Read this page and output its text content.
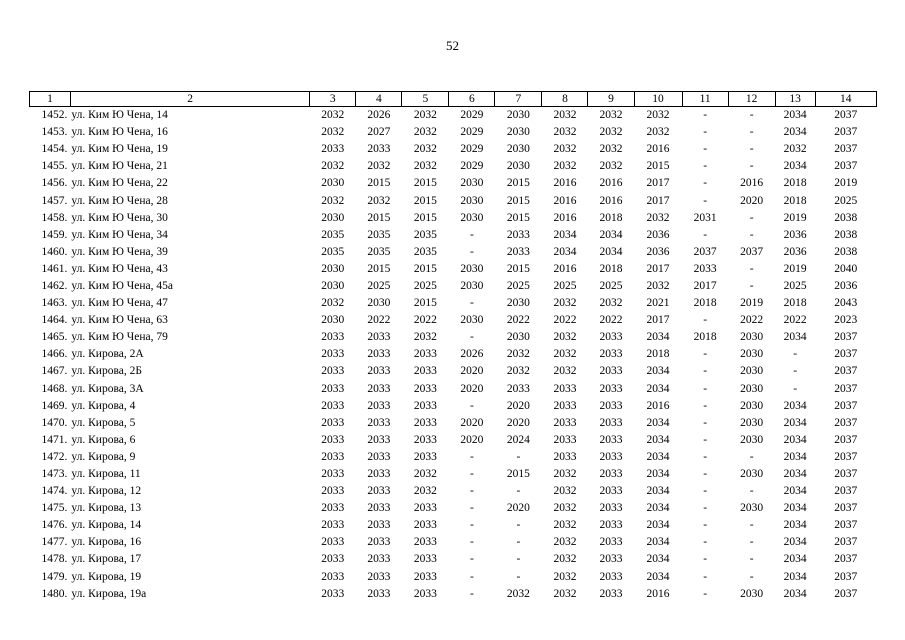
52
1	2	3	4	5	6	7	8	9	10	11	12	13	14
1452.	ул. Ким Ю Чена, 14	2032	2026	2032	2029	2030	2032	2032	2032	-	-	2034	2037
1453.	ул. Ким Ю Чена, 16	2032	2027	2032	2029	2030	2032	2032	2032	-	-	2034	2037
1454.	ул. Ким Ю Чена, 19	2033	2033	2032	2029	2030	2032	2032	2016	-	-	2032	2037
1455.	ул. Ким Ю Чена, 21	2032	2032	2032	2029	2030	2032	2032	2015	-	-	2034	2037
1456.	ул. Ким Ю Чена, 22	2030	2015	2015	2030	2015	2016	2016	2017	-	2016	2018	2019
1457.	ул. Ким Ю Чена, 28	2032	2032	2015	2030	2015	2016	2016	2017	-	2020	2018	2025
1458.	ул. Ким Ю Чена, 30	2030	2015	2015	2030	2015	2016	2018	2032	2031	-	2019	2038
1459.	ул. Ким Ю Чена, 34	2035	2035	2035	-	2033	2034	2034	2036	-	-	2036	2038
1460.	ул. Ким Ю Чена, 39	2035	2035	2035	-	2033	2034	2034	2036	2037	2037	2036	2038
1461.	ул. Ким Ю Чена, 43	2030	2015	2015	2030	2015	2016	2018	2017	2033	-	2019	2040
1462.	ул. Ким Ю Чена, 45а	2030	2025	2025	2030	2025	2025	2025	2032	2017	-	2025	2036
1463.	ул. Ким Ю Чена, 47	2032	2030	2015	-	2030	2032	2032	2021	2018	2019	2018	2043
1464.	ул. Ким Ю Чена, 63	2030	2022	2022	2030	2022	2022	2022	2017	-	2022	2022	2023
1465.	ул. Ким Ю Чена, 79	2033	2033	2032	-	2030	2032	2033	2034	2018	2030	2034	2037
1466.	ул. Кирова, 2А	2033	2033	2033	2026	2032	2032	2033	2018	-	2030	-	2037
1467.	ул. Кирова, 2Б	2033	2033	2033	2020	2032	2032	2033	2034	-	2030	-	2037
1468.	ул. Кирова, 3А	2033	2033	2033	2020	2033	2033	2033	2034	-	2030	-	2037
1469.	ул. Кирова, 4	2033	2033	2033	-	2020	2033	2033	2016	-	2030	2034	2037
1470.	ул. Кирова, 5	2033	2033	2033	2020	2020	2033	2033	2034	-	2030	2034	2037
1471.	ул. Кирова, 6	2033	2033	2033	2020	2024	2033	2033	2034	-	2030	2034	2037
1472.	ул. Кирова, 9	2033	2033	2033	-	-	2033	2033	2034	-	-	2034	2037
1473.	ул. Кирова, 11	2033	2033	2032	-	2015	2032	2033	2034	-	2030	2034	2037
1474.	ул. Кирова, 12	2033	2033	2032	-	-	2032	2033	2034	-	-	2034	2037
1475.	ул. Кирова, 13	2033	2033	2033	-	2020	2032	2033	2034	-	2030	2034	2037
1476.	ул. Кирова, 14	2033	2033	2033	-	-	2032	2033	2034	-	-	2034	2037
1477.	ул. Кирова, 16	2033	2033	2033	-	-	2032	2033	2034	-	-	2034	2037
1478.	ул. Кирова, 17	2033	2033	2033	-	-	2032	2033	2034	-	-	2034	2037
1479.	ул. Кирова, 19	2033	2033	2033	-	-	2032	2033	2034	-	-	2034	2037
1480.	ул. Кирова, 19а	2033	2033	2033	-	2032	2032	2033	2016	-	2030	2034	2037
